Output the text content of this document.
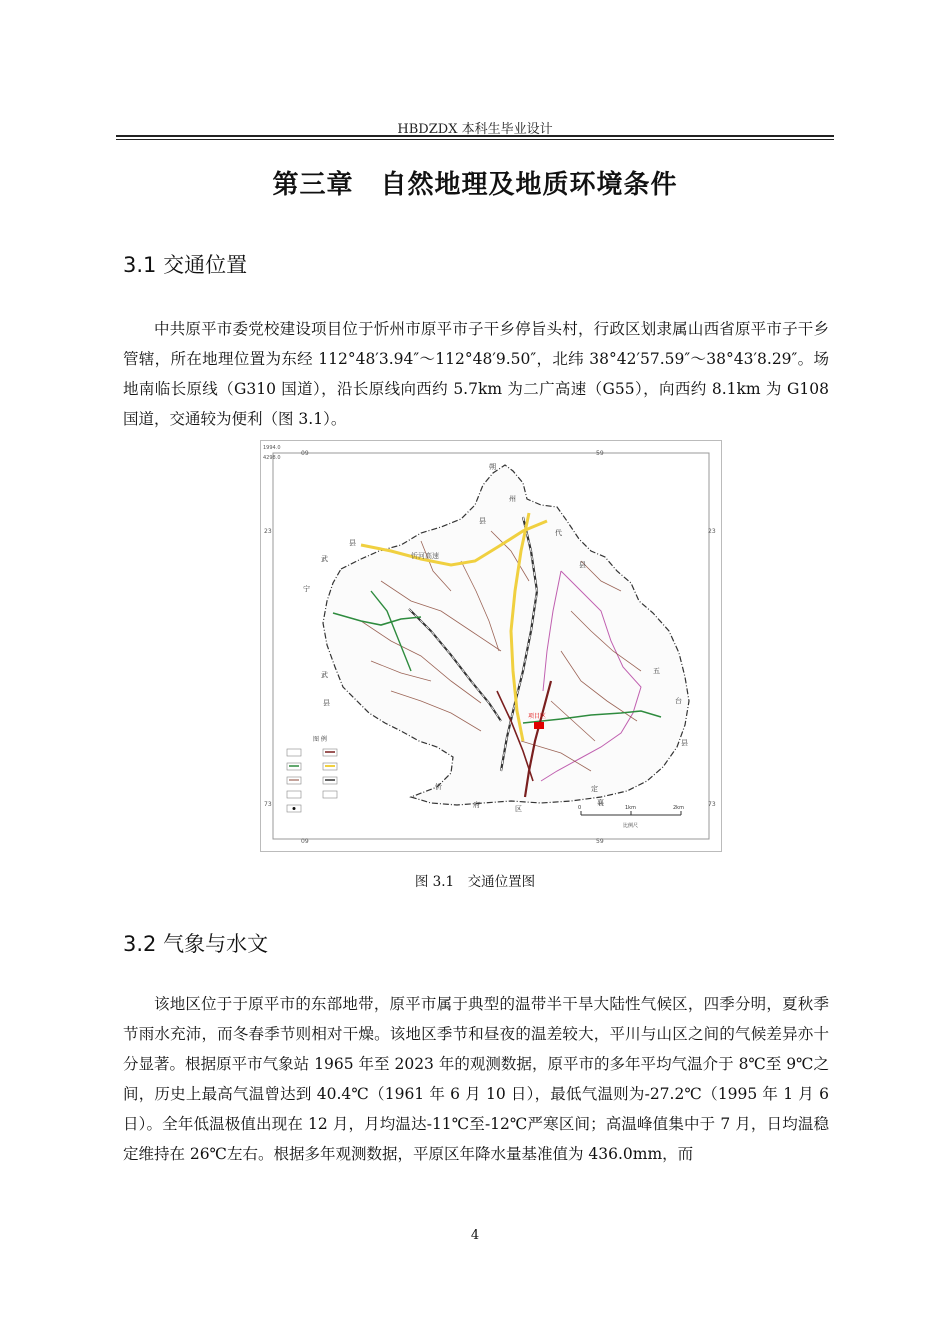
HBDZDX 本科生毕业设计
第三章　自然地理及地质环境条件
3.1 交通位置

中共原平市委党校建设项目位于忻州市原平市子干乡停旨头村，行政区划隶属山西省原平市子干乡管辖，所在地理位置为东经 112°48′3.94″～112°48′9.50″，北纬 38°42′57.59″～38°43′8.29″。场地南临长原线（G310 国道），沿长原线向西约 5.7km 为二广高速（G55），向西约 8.1km 为 G108 国道，交通较为便利（图 3.1）。

09	59
09	59
23
73
23
73
1994.0
4298.0
忻河高速
朔
州
县
代
县
宁
武
县
五
台
县
定
襄
忻
府	区
武
县
项目区
图 例
0	1km	2km
比例尺
图 3.1　交通位置图
3.2 气象与水文

该地区位于于原平市的东部地带，原平市属于典型的温带半干旱大陆性气候区，四季分明，夏秋季节雨水充沛，而冬春季节则相对干燥。该地区季节和昼夜的温差较大，平川与山区之间的气候差异亦十分显著。根据原平市气象站 1965 年至 2023 年的观测数据，原平市的多年平均气温介于 8℃至 9℃之间，历史上最高气温曾达到 40.4℃（1961 年 6 月 10 日），最低气温则为-27.2℃（1995 年 1 月 6 日）。全年低温极值出现在 12 月，月均温达-11℃至-12℃严寒区间；高温峰值集中于 7 月，日均温稳定维持在 26℃左右。根据多年观测数据，平原区年降水量基准值为 436.0mm，而

4
